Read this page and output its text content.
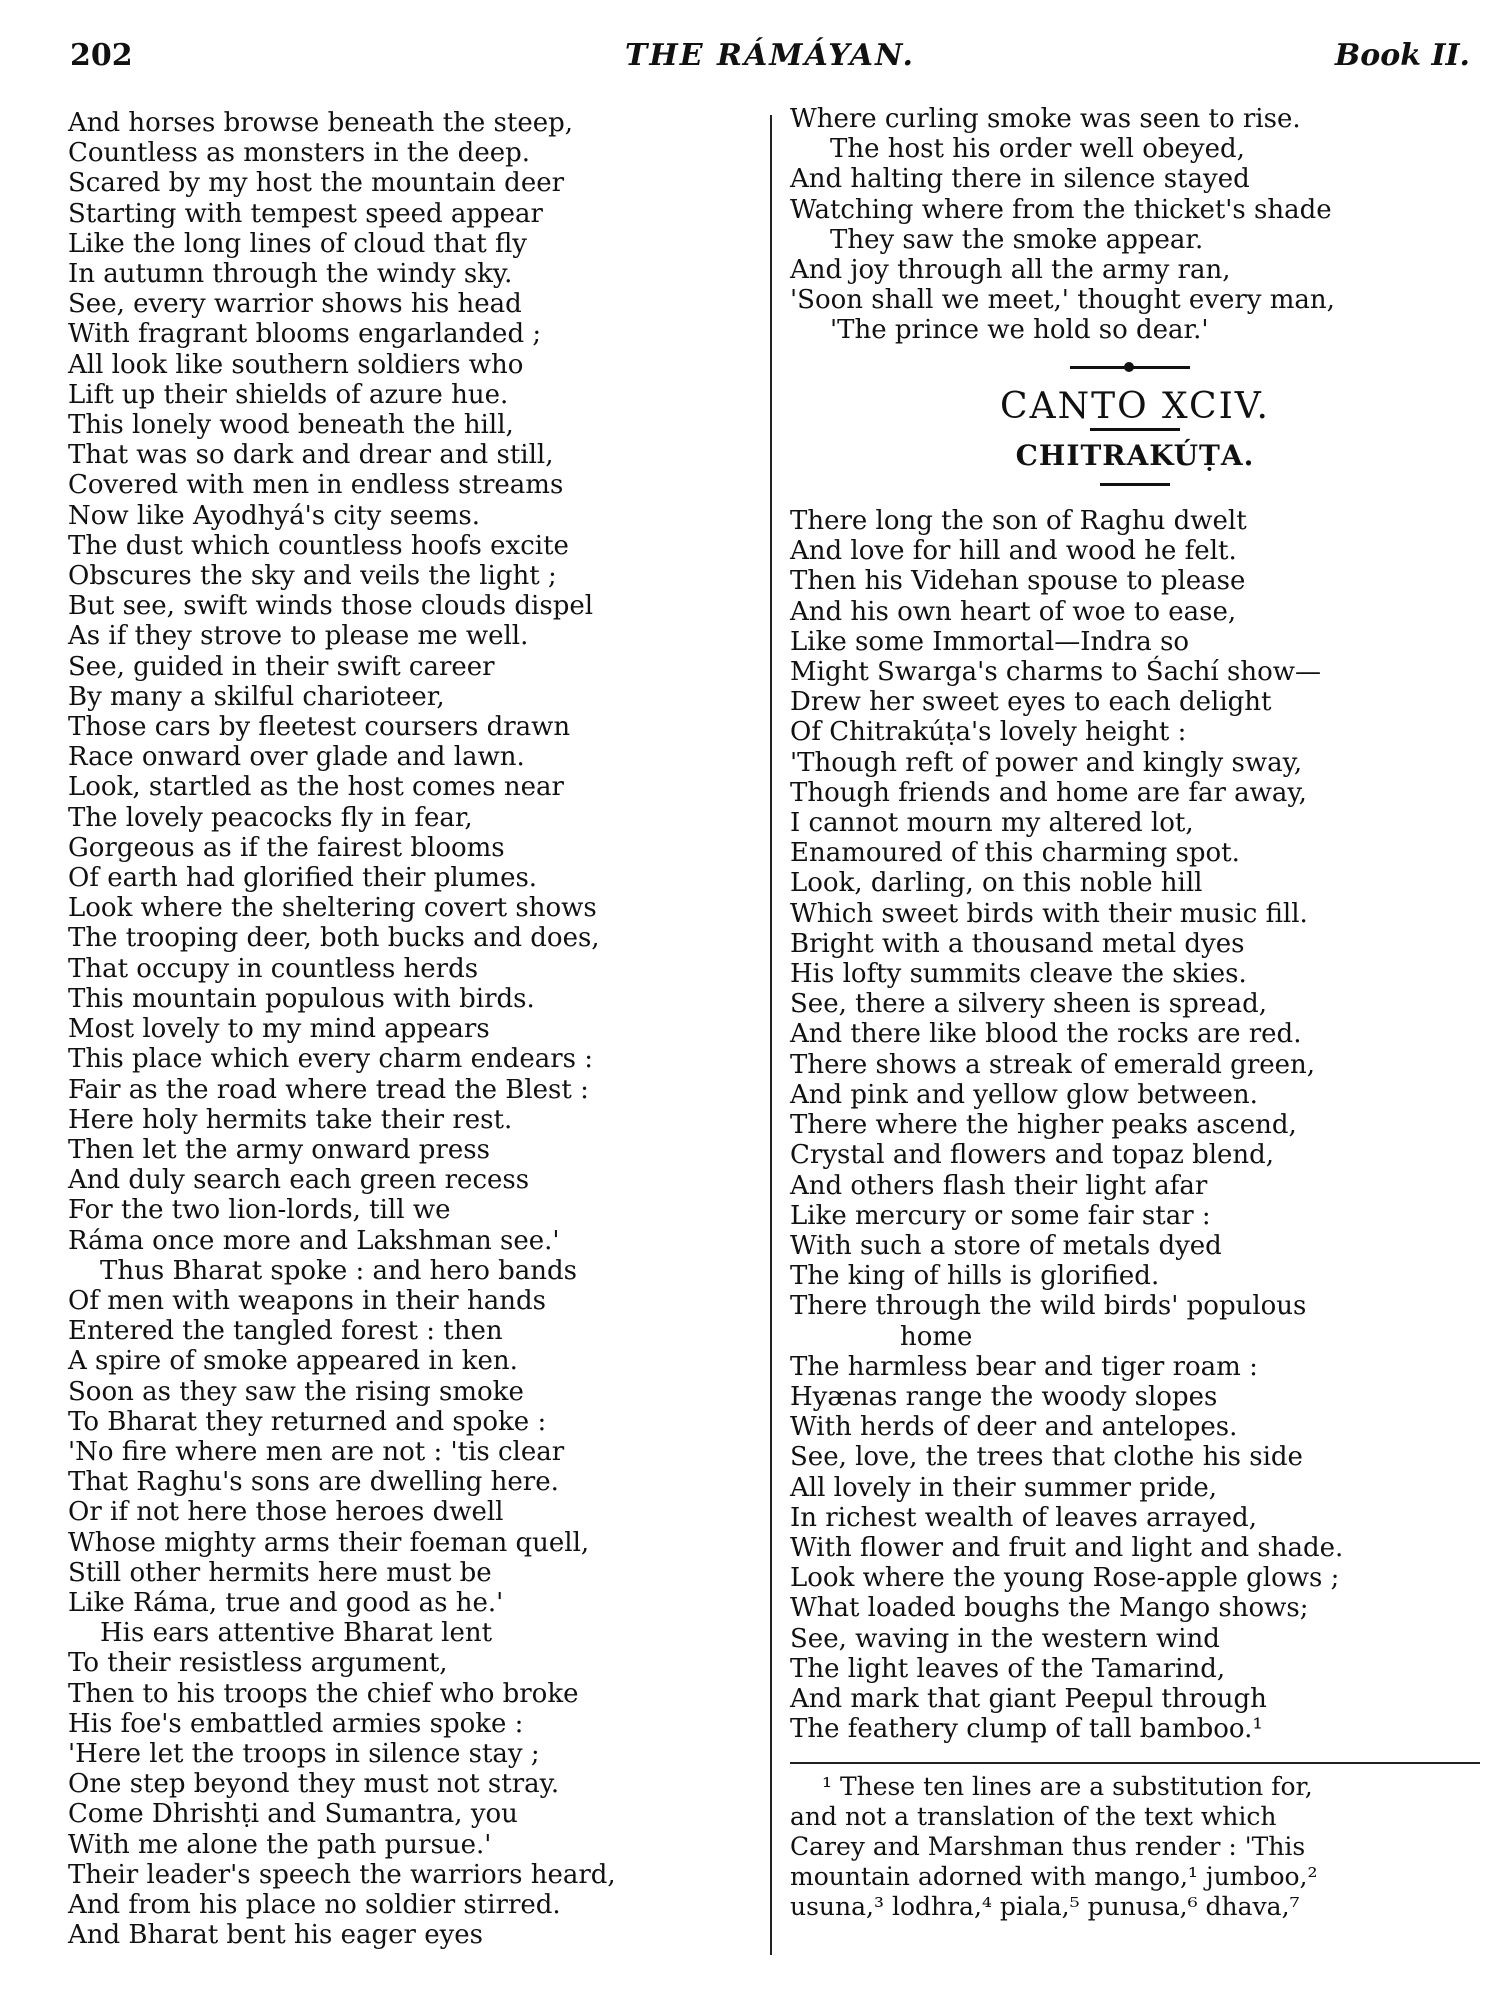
202	THE RÁMÁYAN.	Book II.
And horses browse beneath the steep,
Countless as monsters in the deep.
Scared by my host the mountain deer
Starting with tempest speed appear
Like the long lines of cloud that fly
In autumn through the windy sky.
See, every warrior shows his head
With fragrant blooms engarlanded ;
All look like southern soldiers who
Lift up their shields of azure hue.
This lonely wood beneath the hill,
That was so dark and drear and still,
Covered with men in endless streams
Now like Ayodhyá's city seems.
The dust which countless hoofs excite
Obscures the sky and veils the light ;
But see, swift winds those clouds dispel
As if they strove to please me well.
See, guided in their swift career
By many a skilful charioteer,
Those cars by fleetest coursers drawn
Race onward over glade and lawn.
Look, startled as the host comes near
The lovely peacocks fly in fear,
Gorgeous as if the fairest blooms
Of earth had glorified their plumes.
Look where the sheltering covert shows
The trooping deer, both bucks and does,
That occupy in countless herds
This mountain populous with birds.
Most lovely to my mind appears
This place which every charm endears :
Fair as the road where tread the Blest :
Here holy hermits take their rest.
Then let the army onward press
And duly search each green recess
For the two lion-lords, till we
Ráma once more and Lakshman see.'
Thus Bharat spoke : and hero bands
Of men with weapons in their hands
Entered the tangled forest : then
A spire of smoke appeared in ken.
Soon as they saw the rising smoke
To Bharat they returned and spoke :
'No fire where men are not : 'tis clear
That Raghu's sons are dwelling here.
Or if not here those heroes dwell
Whose mighty arms their foeman quell,
Still other hermits here must be
Like Ráma, true and good as he.'
His ears attentive Bharat lent
To their resistless argument,
Then to his troops the chief who broke
His foe's embattled armies spoke :
'Here let the troops in silence stay ;
One step beyond they must not stray.
Come Dhrishṭi and Sumantra, you
With me alone the path pursue.'
Their leader's speech the warriors heard,
And from his place no soldier stirred.
And Bharat bent his eager eyes
Where curling smoke was seen to rise.
The host his order well obeyed,
And halting there in silence stayed
Watching where from the thicket's shade
They saw the smoke appear.
And joy through all the army ran,
'Soon shall we meet,' thought every man,
'The prince we hold so dear.'
CANTO XCIV.
CHITRAKÚṬA.
There long the son of Raghu dwelt
And love for hill and wood he felt.
Then his Videhan spouse to please
And his own heart of woe to ease,
Like some Immortal—Indra so
Might Swarga's charms to Śachí show—
Drew her sweet eyes to each delight
Of Chitrakúṭa's lovely height :
'Though reft of power and kingly sway,
Though friends and home are far away,
I cannot mourn my altered lot,
Enamoured of this charming spot.
Look, darling, on this noble hill
Which sweet birds with their music fill.
Bright with a thousand metal dyes
His lofty summits cleave the skies.
See, there a silvery sheen is spread,
And there like blood the rocks are red.
There shows a streak of emerald green,
And pink and yellow glow between.
There where the higher peaks ascend,
Crystal and flowers and topaz blend,
And others flash their light afar
Like mercury or some fair star :
With such a store of metals dyed
The king of hills is glorified.
There through the wild birds' populous
home
The harmless bear and tiger roam :
Hyænas range the woody slopes
With herds of deer and antelopes.
See, love, the trees that clothe his side
All lovely in their summer pride,
In richest wealth of leaves arrayed,
With flower and fruit and light and shade.
Look where the young Rose-apple glows ;
What loaded boughs the Mango shows;
See, waving in the western wind
The light leaves of the Tamarind,
And mark that giant Peepul through
The feathery clump of tall bamboo.¹
¹ These ten lines are a substitution for,
and not a translation of the text which
Carey and Marshman thus render : 'This
mountain adorned with mango,¹ jumboo,²
usuna,³ lodhra,⁴ piala,⁵ punusa,⁶ dhava,⁷
